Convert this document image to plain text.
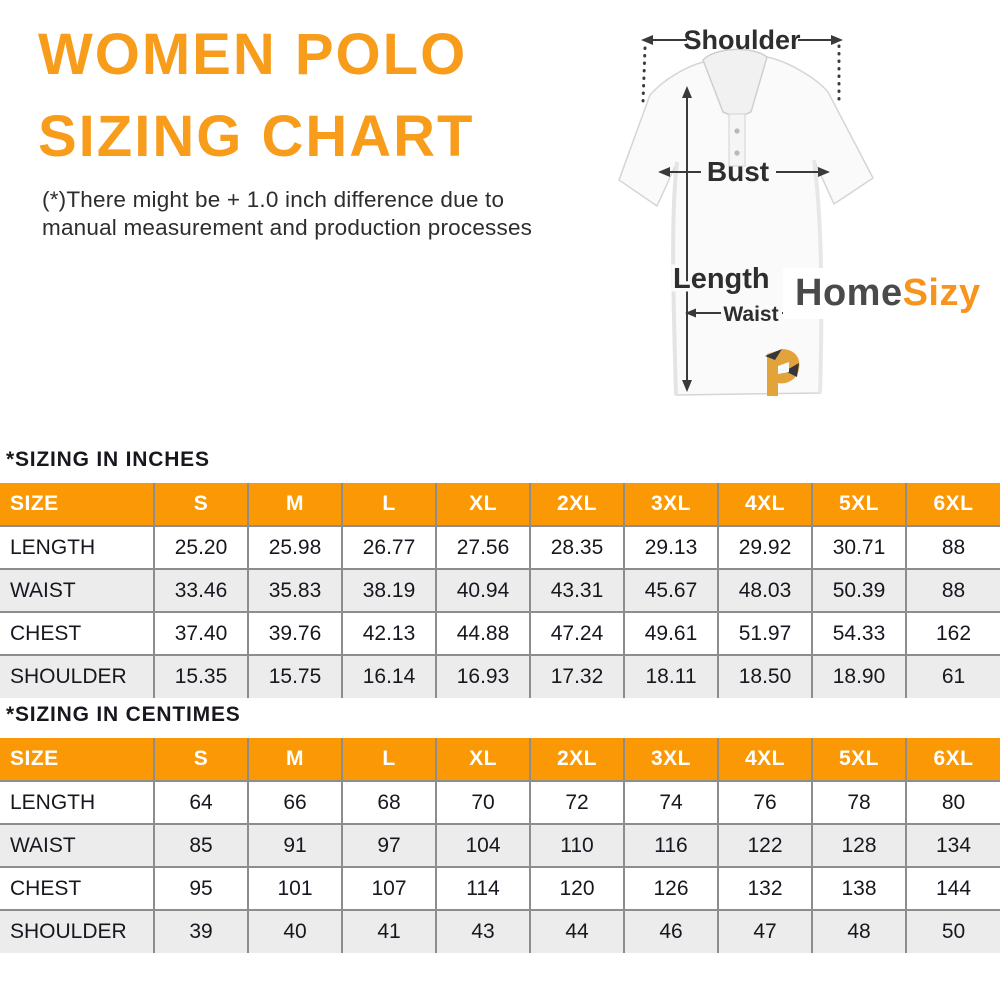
WOMEN POLO
SIZING CHART

(*)There might be + 1.0 inch difference due to
manual measurement and production processes

Shoulder
Bust
Length
Waist
HomeSizy
*SIZING IN INCHES
SIZE	S	M	L	XL	2XL	3XL	4XL	5XL	6XL
LENGTH	25.20	25.98	26.77	27.56	28.35	29.13	29.92	30.71	88
WAIST	33.46	35.83	38.19	40.94	43.31	45.67	48.03	50.39	88
CHEST	37.40	39.76	42.13	44.88	47.24	49.61	51.97	54.33	162
SHOULDER	15.35	15.75	16.14	16.93	17.32	18.11	18.50	18.90	61
*SIZING IN CENTIMES
SIZE	S	M	L	XL	2XL	3XL	4XL	5XL	6XL
LENGTH	64	66	68	70	72	74	76	78	80
WAIST	85	91	97	104	110	116	122	128	134
CHEST	95	101	107	114	120	126	132	138	144
SHOULDER	39	40	41	43	44	46	47	48	50
